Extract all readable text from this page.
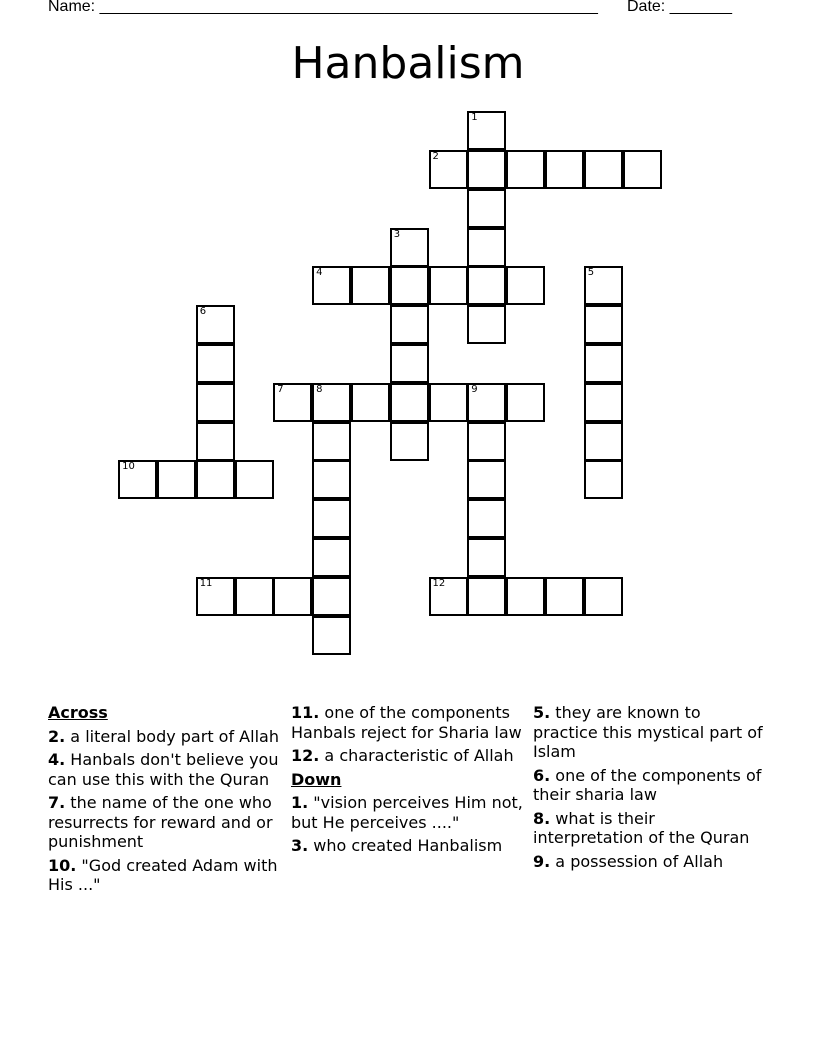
Name: ________________________________________________________ Date: _______
Hanbalism
1
2
3
4	5
6
7	8	9
10
11	12
Across
2. a literal body part of Allah
4. Hanbals don't believe you can use this with the Quran
7. the name of the one who resurrects for reward and or punishment
10. "God created Adam with His ..."
11. one of the components Hanbals reject for Sharia law
12. a characteristic of Allah
Down
1. "vision perceives Him not, but He perceives ...."
3. who created Hanbalism
5. they are known to practice this mystical part of Islam
6. one of the components of their sharia law
8. what is their interpretation of the Quran
9. a possession of Allah
